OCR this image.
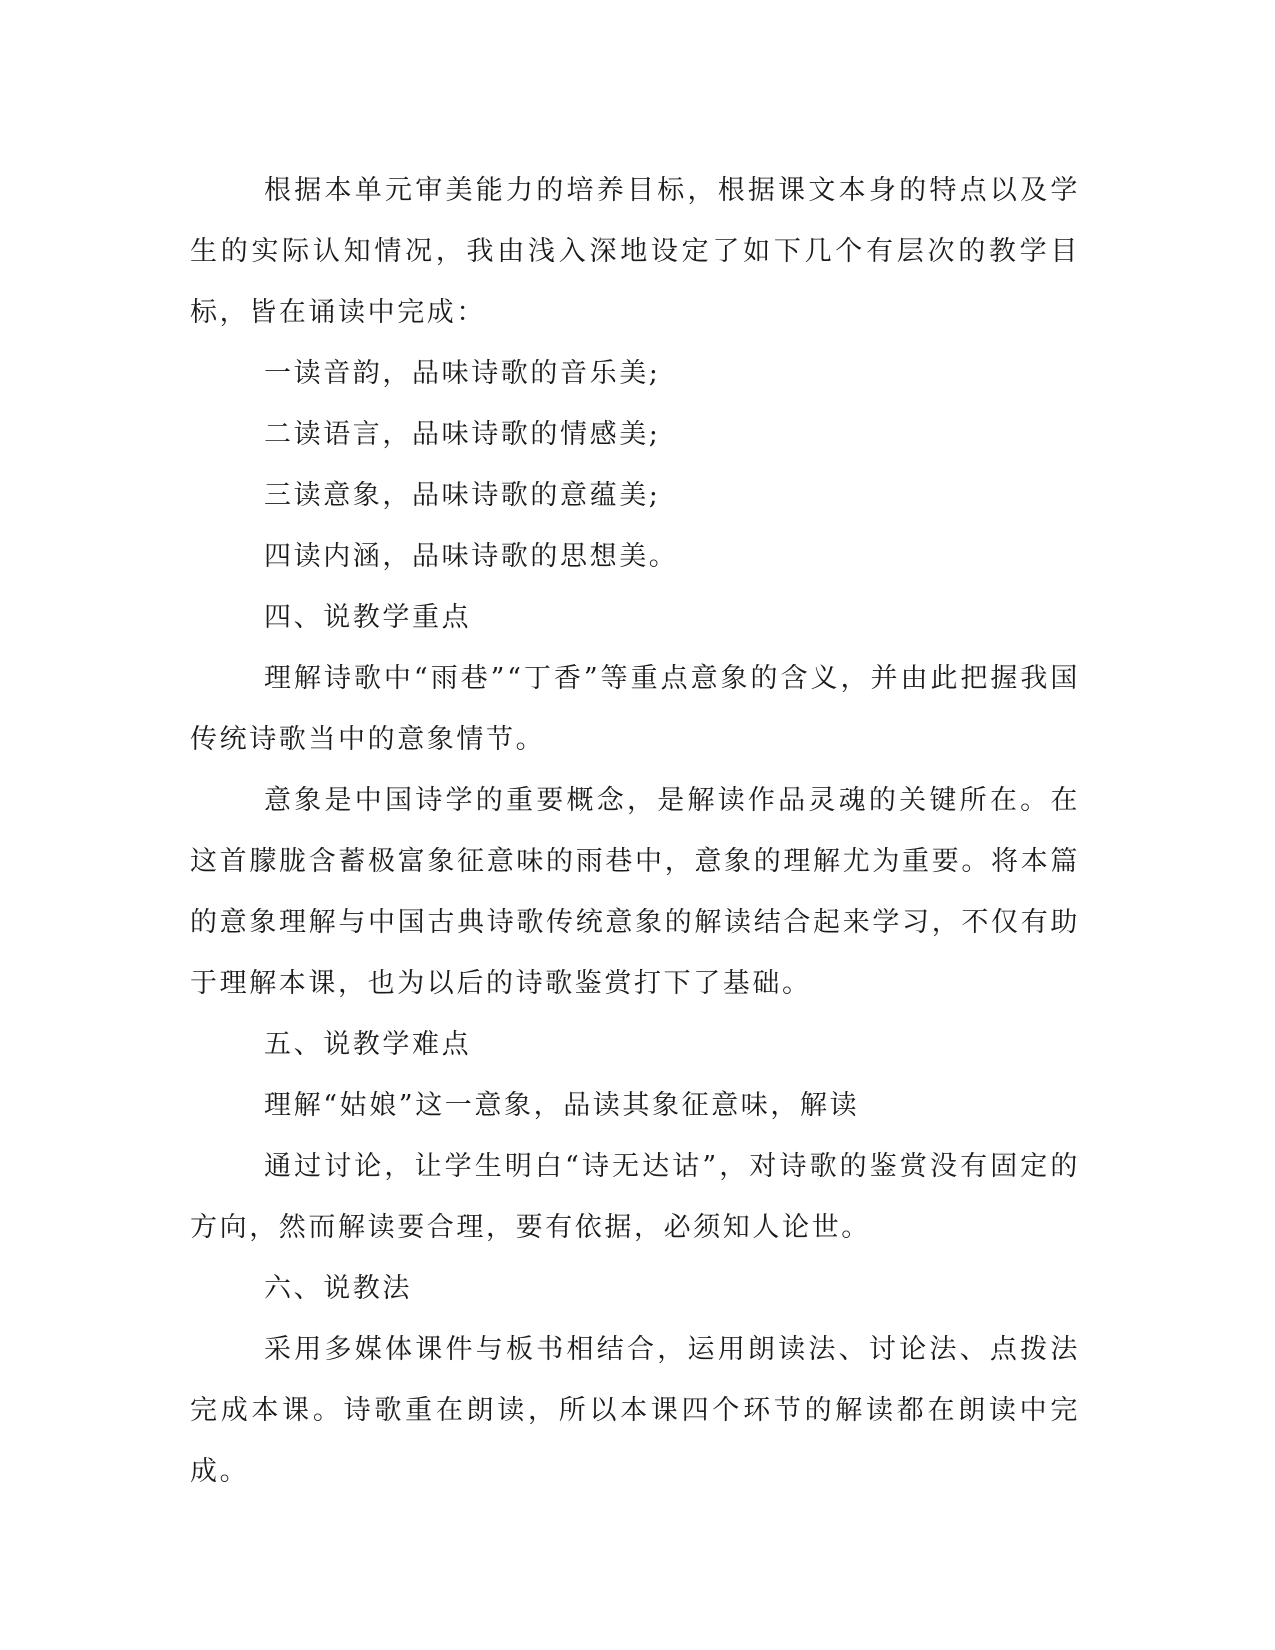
根据本单元审美能力的培养目标，根据课文本身的特点以及学生的实际认知情况，我由浅入深地设定了如下几个有层次的教学目标，皆在诵读中完成：

一读音韵，品味诗歌的音乐美;

二读语言，品味诗歌的情感美;

三读意象，品味诗歌的意蕴美;

四读内涵，品味诗歌的思想美。

四、说教学重点

理解诗歌中“雨巷”“丁香”等重点意象的含义，并由此把握我国传统诗歌当中的意象情节。

意象是中国诗学的重要概念，是解读作品灵魂的关键所在。在这首朦胧含蓄极富象征意味的雨巷中，意象的理解尤为重要。将本篇的意象理解与中国古典诗歌传统意象的解读结合起来学习，不仅有助于理解本课，也为以后的诗歌鉴赏打下了基础。

五、说教学难点

理解“姑娘”这一意象，品读其象征意味，解读

通过讨论，让学生明白“诗无达诂”，对诗歌的鉴赏没有固定的方向，然而解读要合理，要有依据，必须知人论世。

六、说教法

采用多媒体课件与板书相结合，运用朗读法、讨论法、点拨法完成本课。诗歌重在朗读，所以本课四个环节的解读都在朗读中完成。
